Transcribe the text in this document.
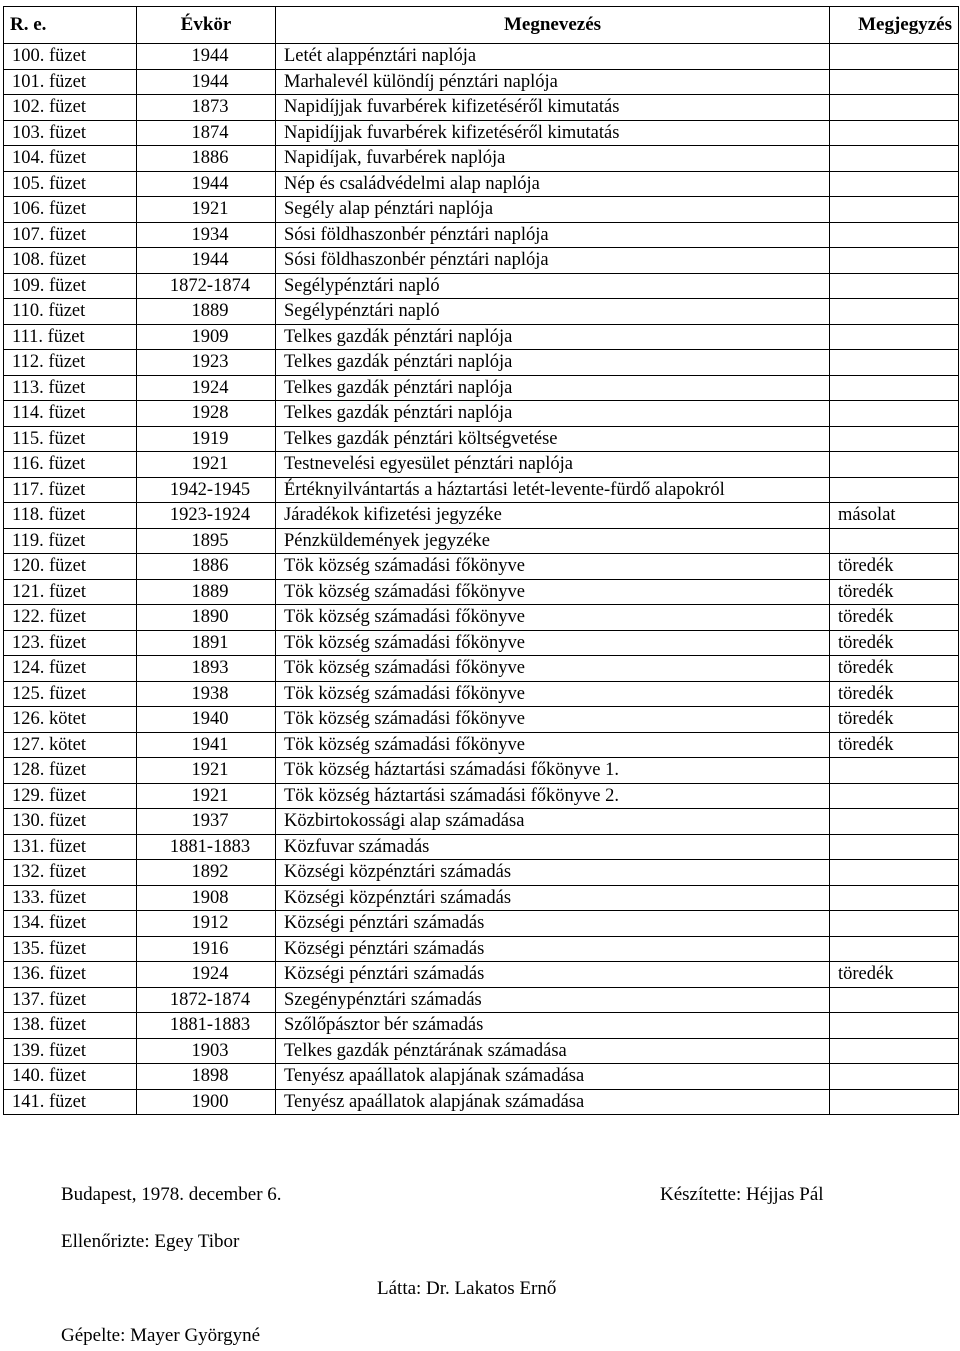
R. e.	Évkör	Megnevezés	Megjegyzés
100. füzet	1944	Letét alappénztári naplója	
101. füzet	1944	Marhalevél különdíj pénztári naplója	
102. füzet	1873	Napidíjjak fuvarbérek kifizetéséről kimutatás	
103. füzet	1874	Napidíjjak fuvarbérek kifizetéséről kimutatás	
104. füzet	1886	Napidíjak, fuvarbérek naplója	
105. füzet	1944	Nép és családvédelmi alap naplója	
106. füzet	1921	Segély alap pénztári naplója	
107. füzet	1934	Sósi földhaszonbér pénztári naplója	
108. füzet	1944	Sósi földhaszonbér pénztári naplója	
109. füzet	1872-1874	Segélypénztári napló	
110. füzet	1889	Segélypénztári napló	
111. füzet	1909	Telkes gazdák pénztári naplója	
112. füzet	1923	Telkes gazdák pénztári naplója	
113. füzet	1924	Telkes gazdák pénztári naplója	
114. füzet	1928	Telkes gazdák pénztári naplója	
115. füzet	1919	Telkes gazdák pénztári költségvetése	
116. füzet	1921	Testnevelési egyesület pénztári naplója	
117. füzet	1942-1945	Értéknyilvántartás a háztartási letét-levente-fürdő alapokról	
118. füzet	1923-1924	Járadékok kifizetési jegyzéke	másolat
119. füzet	1895	Pénzküldemények jegyzéke	
120. füzet	1886	Tök község számadási főkönyve	töredék
121. füzet	1889	Tök község számadási főkönyve	töredék
122. füzet	1890	Tök község számadási főkönyve	töredék
123. füzet	1891	Tök község számadási főkönyve	töredék
124. füzet	1893	Tök község számadási főkönyve	töredék
125. füzet	1938	Tök község számadási főkönyve	töredék
126. kötet	1940	Tök község számadási főkönyve	töredék
127. kötet	1941	Tök község számadási főkönyve	töredék
128. füzet	1921	Tök község háztartási számadási főkönyve 1.	
129. füzet	1921	Tök község háztartási számadási főkönyve 2.	
130. füzet	1937	Közbirtokossági alap számadása	
131. füzet	1881-1883	Közfuvar számadás	
132. füzet	1892	Községi közpénztári számadás	
133. füzet	1908	Községi közpénztári számadás	
134. füzet	1912	Községi pénztári számadás	
135. füzet	1916	Községi pénztári számadás	
136. füzet	1924	Községi pénztári számadás	töredék
137. füzet	1872-1874	Szegénypénztári számadás	
138. füzet	1881-1883	Szőlőpásztor bér számadás	
139. füzet	1903	Telkes gazdák pénztárának számadása	
140. füzet	1898	Tenyész apaállatok alapjának számadása	
141. füzet	1900	Tenyész apaállatok alapjának számadása	
Budapest, 1978. december 6.	Készítette: Héjjas Pál
Ellenőrizte: Egey Tibor
Látta: Dr. Lakatos Ernő
Gépelte: Mayer Györgyné
